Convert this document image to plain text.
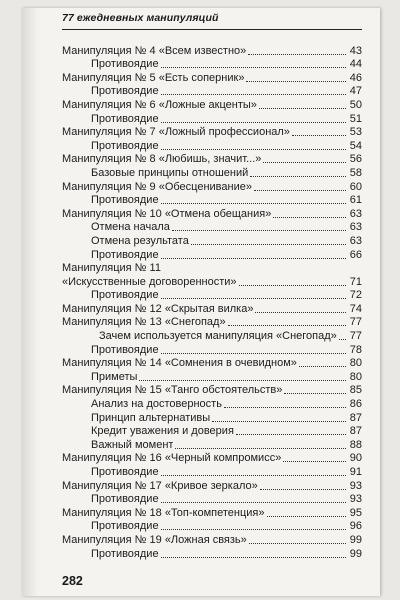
77 ежедневных манипуляций
Манипуляция № 4 «Всем известно»	43
Противоядие	44
Манипуляция № 5 «Есть соперник»	46
Противоядие	47
Манипуляция № 6 «Ложные акценты»	50
Противоядие	51
Манипуляция № 7 «Ложный профессионал»	53
Противоядие	54
Манипуляция № 8 «Любишь, значит...»	56
Базовые принципы отношений	58
Манипуляция № 9 «Обесценивание»	60
Противоядие	61
Манипуляция № 10 «Отмена обещания»	63
Отмена начала	63
Отмена результата	63
Противоядие	66
Манипуляция № 11
«Искусственные договоренности»	71
Противоядие	72
Манипуляция № 12 «Скрытая вилка»	74
Манипуляция № 13 «Снегопад»	77
Зачем используется манипуляция «Снегопад» 77
Противоядие	78
Манипуляция № 14 «Сомнения в очевидном»	80
Приметы	80
Манипуляция № 15 «Танго обстоятельств»	85
Анализ на достоверность	86
Принцип альтернативы	87
Кредит уважения и доверия	87
Важный момент	88
Манипуляция № 16 «Черный компромисс»	90
Противоядие	91
Манипуляция № 17 «Кривое зеркало»	93
Противоядие	93
Манипуляция № 18 «Топ-компетенция»	95
Противоядие	96
Манипуляция № 19 «Ложная связь»	99
Противоядие	99
282
